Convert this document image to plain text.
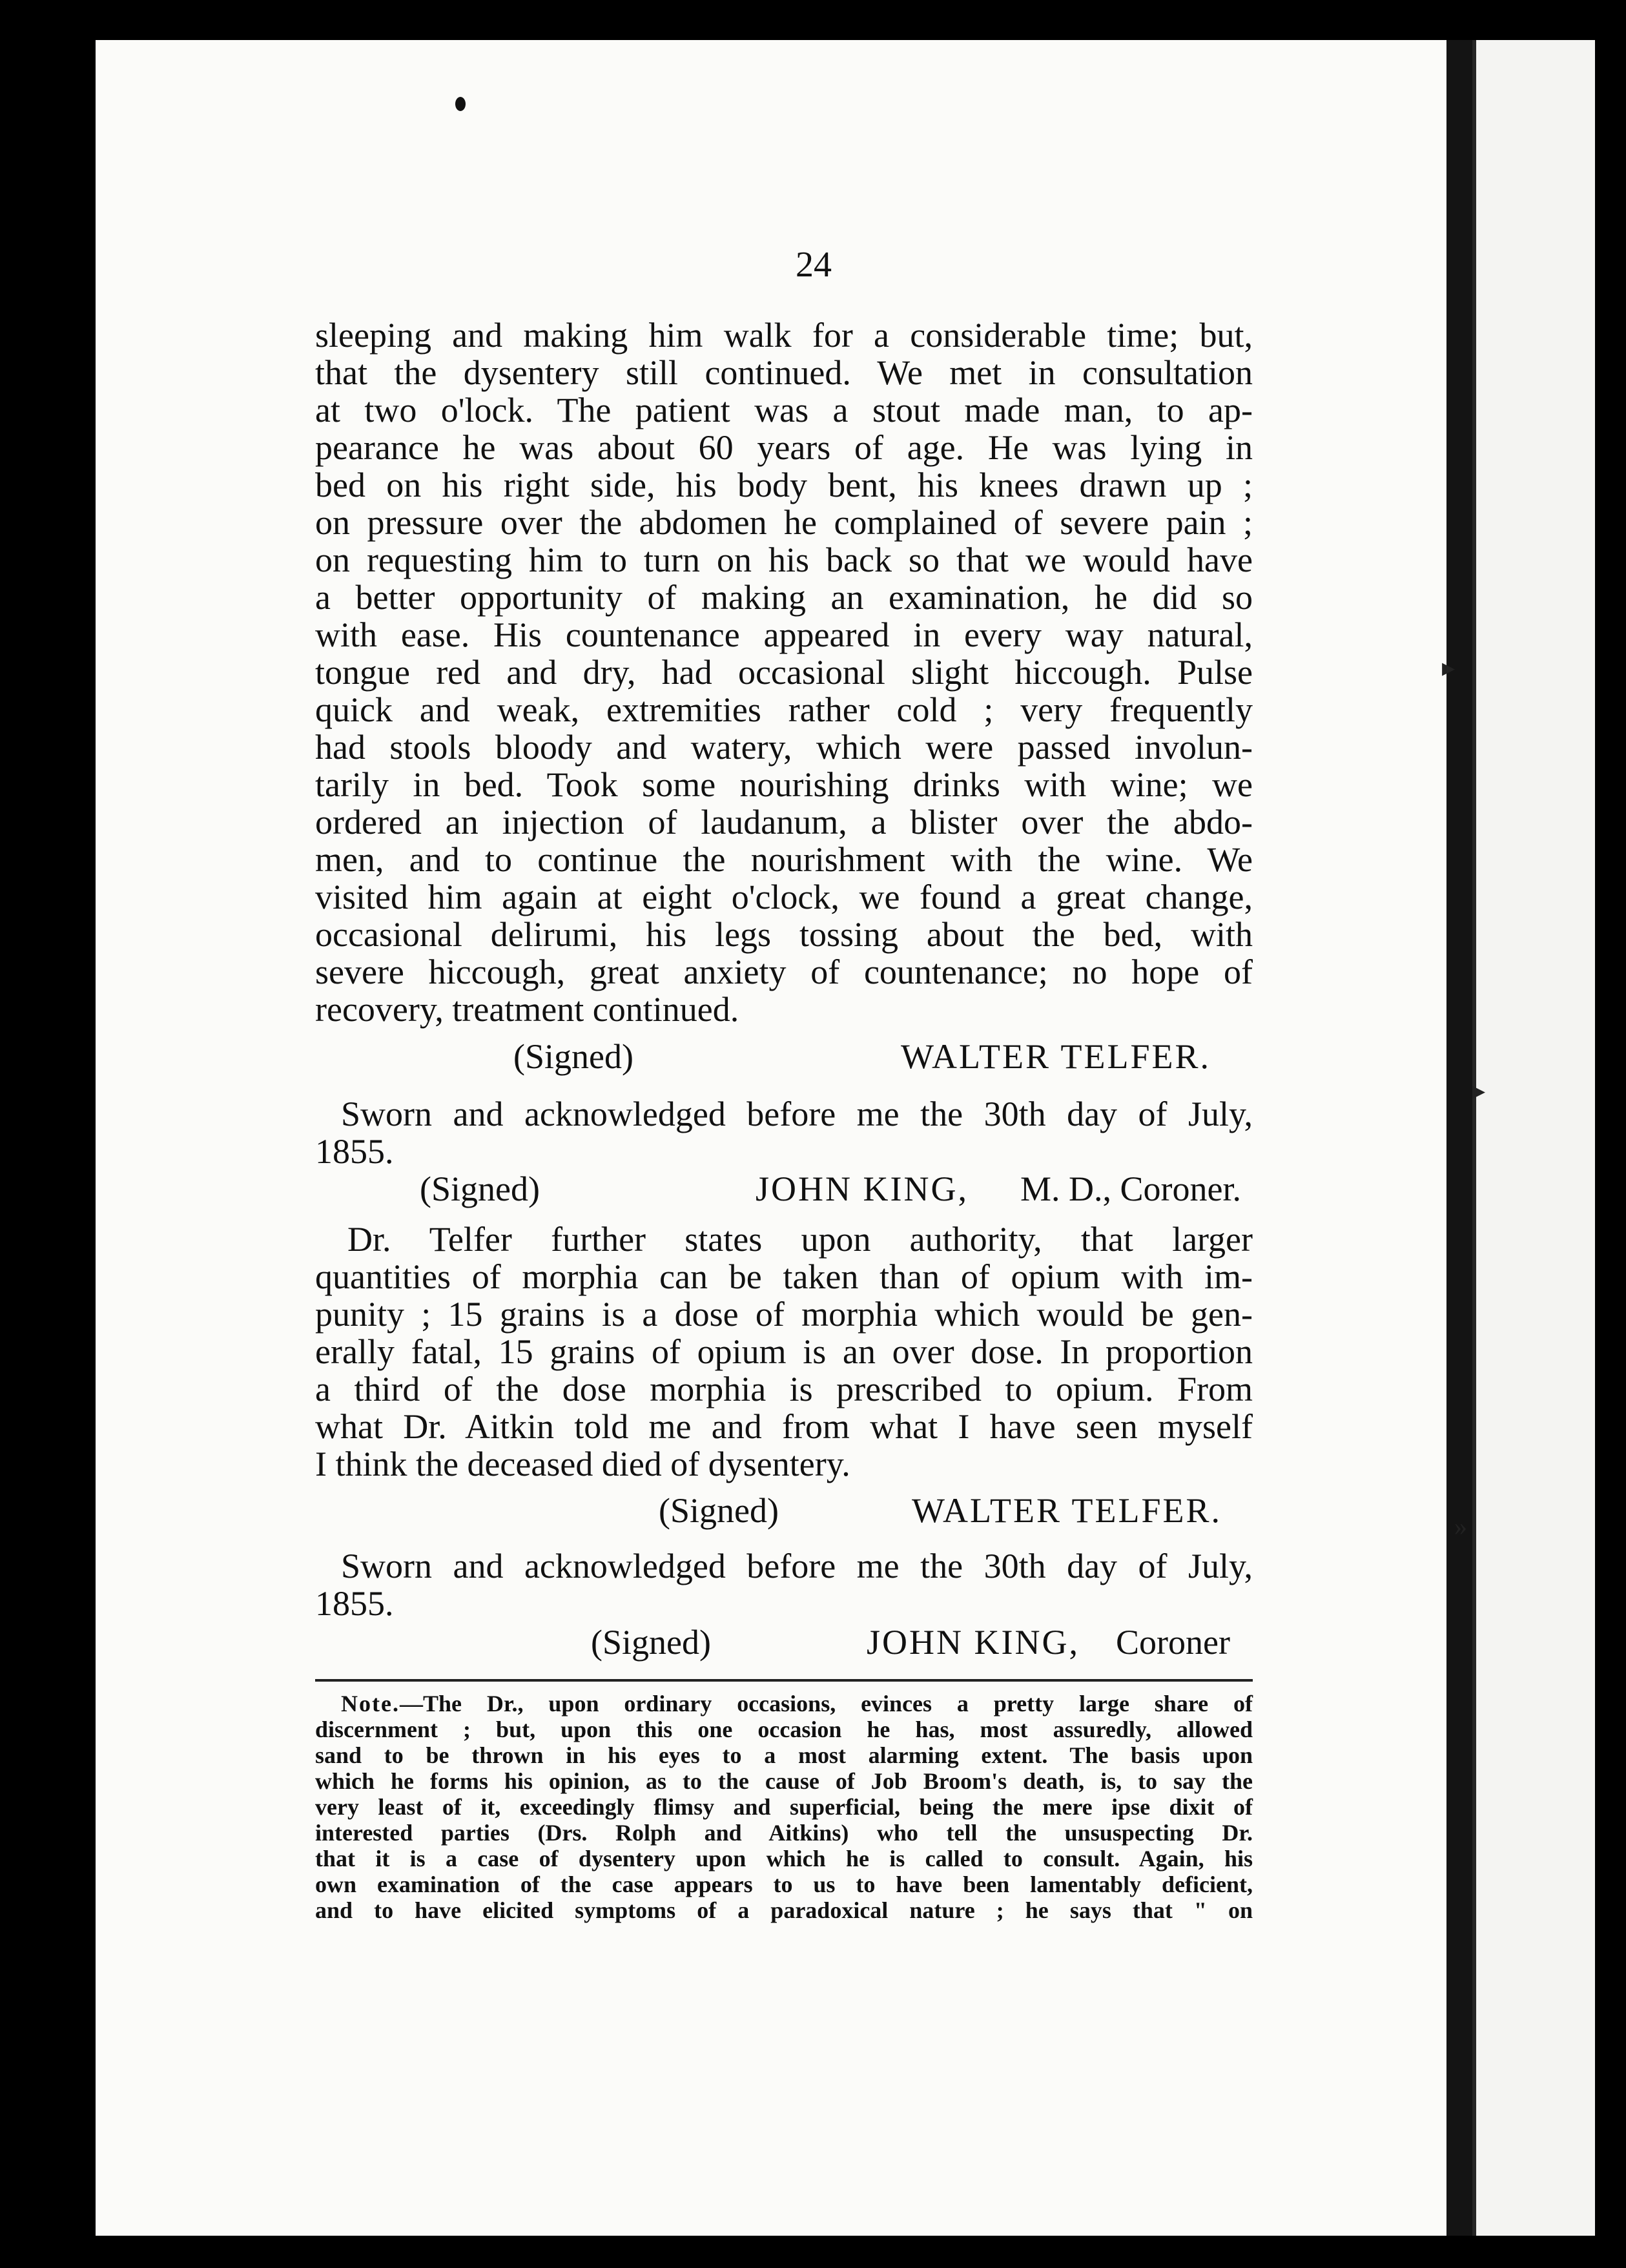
▸
▸
»
24
sleeping and making him walk for a considerable time; but,
that the dysentery still continued. We met in consultation
at two o'lock. The patient was a stout made man, to ap-
pearance he was about 60 years of age. He was lying in
bed on his right side, his body bent, his knees drawn up ;
on pressure over the abdomen he complained of severe pain ;
on requesting him to turn on his back so that we would have
a better opportunity of making an examination, he did so
with ease. His countenance appeared in every way natural,
tongue red and dry, had occasional slight hiccough. Pulse
quick and weak, extremities rather cold ; very frequently
had stools bloody and watery, which were passed involun-
tarily in bed. Took some nourishing drinks with wine; we
ordered an injection of laudanum, a blister over the abdo-
men, and to continue the nourishment with the wine. We
visited him again at eight o'clock, we found a great change,
occasional delirumi, his legs tossing about the bed, with
severe hiccough, great anxiety of countenance; no hope of
recovery, treatment continued.
(Signed)	WALTER TELFER.
Sworn and acknowledged before me the 30th day of July,
1855.
(Signed)	JOHN KING, M. D., Coroner.
Dr. Telfer further states upon authority, that larger
quantities of morphia can be taken than of opium with im-
punity ; 15 grains is a dose of morphia which would be gen-
erally fatal, 15 grains of opium is an over dose. In proportion
a third of the dose morphia is prescribed to opium. From
what Dr. Aitkin told me and from what I have seen myself
I think the deceased died of dysentery.
(Signed)	WALTER TELFER.
Sworn and acknowledged before me the 30th day of July,
1855.
(Signed)	JOHN KING, Coroner
Note.—The Dr., upon ordinary occasions, evinces a pretty large share of
discernment ; but, upon this one occasion he has, most assuredly, allowed
sand to be thrown in his eyes to a most alarming extent. The basis upon
which he forms his opinion, as to the cause of Job Broom's death, is, to say the
very least of it, exceedingly flimsy and superficial, being the mere ipse dixit of
interested parties (Drs. Rolph and Aitkins) who tell the unsuspecting Dr.
that it is a case of dysentery upon which he is called to consult. Again, his
own examination of the case appears to us to have been lamentably deficient,
and to have elicited symptoms of a paradoxical nature ; he says that " on
